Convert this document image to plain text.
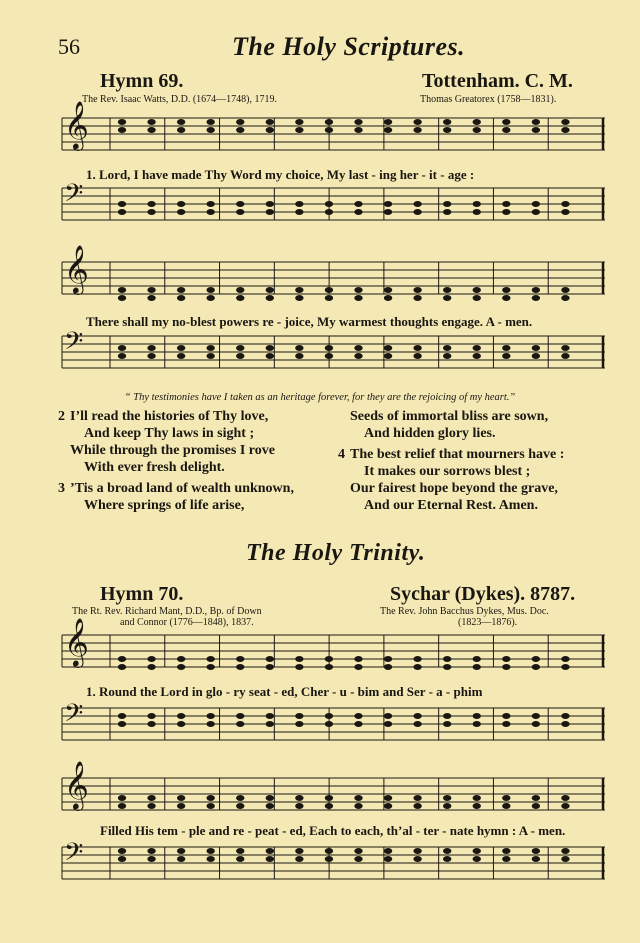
56	The Holy Scriptures.
Hymn 69.	Tottenham. C. M.
The Rev. Isaac Watts, D.D. (1674—1748), 1719.	Thomas Greatorex (1758—1831).
𝄞
𝄢
𝄞
𝄢
𝄞
𝄢
𝄞
𝄢
1. Lord, I have made Thy Word my choice, My last - ing her - it - age :
There shall my no-blest powers re - joice, My warmest thoughts engage. A - men.
“ Thy testimonies have I taken as an heritage forever, for they are the rejoicing of my heart.”
2 I’ll read the histories of Thy love,
And keep Thy laws in sight ;
While through the promises I rove
With ever fresh delight.
3 ’Tis a broad land of wealth unknown,
Where springs of life arise,
Seeds of immortal bliss are sown,
And hidden glory lies.
4 The best relief that mourners have :
It makes our sorrows blest ;
Our fairest hope beyond the grave,
And our Eternal Rest. Amen.
The Holy Trinity.
Hymn 70.	Sychar (Dykes). 8787.
The Rt. Rev. Richard Mant, D.D., Bp. of Down
and Connor (1776—1848), 1837.
The Rev. John Bacchus Dykes, Mus. Doc.
(1823—1876).
1. Round the Lord in glo - ry seat - ed, Cher - u - bim and Ser - a - phim
Filled His tem - ple and re - peat - ed, Each to each, th’al - ter - nate hymn : A - men.
